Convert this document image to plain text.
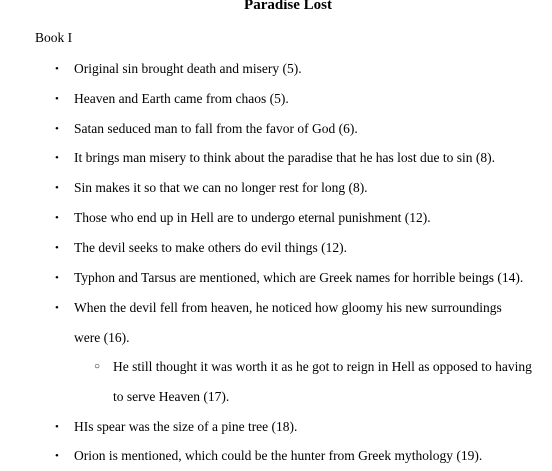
Paradise Lost
Book I
• Original sin brought death and misery (5).
• Heaven and Earth came from chaos (5).
• Satan seduced man to fall from the favor of God (6).
• It brings man misery to think about the paradise that he has lost due to sin (8).
• Sin makes it so that we can no longer rest for long (8).
• Those who end up in Hell are to undergo eternal punishment (12).
• The devil seeks to make others do evil things (12).
• Typhon and Tarsus are mentioned, which are Greek names for horrible beings (14).
• When the devil fell from heaven, he noticed how gloomy his new surroundings were (16).
○ He still thought it was worth it as he got to reign in Hell as opposed to having to serve Heaven (17).
• HIs spear was the size of a pine tree (18).
• Orion is mentioned, which could be the hunter from Greek mythology (19).
